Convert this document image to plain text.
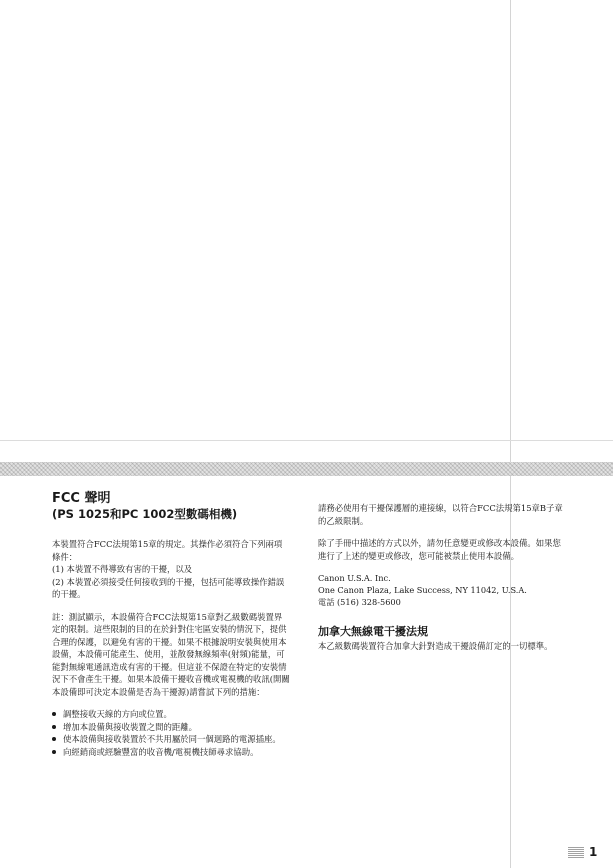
FCC 聲明
(PS 1025和PC 1002型數碼相機)

本裝置符合FCC法規第15章的規定。其操作必須符合下列兩項條件：

(1) 本裝置不得導致有害的干擾，以及

(2) 本裝置必須接受任何接收到的干擾，包括可能導致操作錯誤的干擾。

註：測試顯示，本設備符合FCC法規第15章對乙級數碼裝置界定的限制。這些限制的目的在於針對住宅區安裝的情況下，提供合理的保護，以避免有害的干擾。如果不根據說明安裝與使用本設備，本設備可能產生、使用，並散發無線頻率(射頻)能量，可能對無線電通訊造成有害的干擾。但這並不保證在特定的安裝情況下不會產生干擾。如果本設備干擾收音機或電視機的收訊(開關本設備即可決定本設備是否為干擾源)請嘗試下列的措施：

調整接收天線的方向或位置。
增加本設備與接收裝置之間的距離。
使本設備與接收裝置於不共用屬於同一個迴路的電源插座。
向經銷商或經驗豐富的收音機/電視機技師尋求協助。

請務必使用有干擾保護層的連接線，以符合FCC法規第15章B子章的乙級限制。

除了手冊中描述的方式以外，請勿任意變更或修改本設備。如果您進行了上述的變更或修改，您可能被禁止使用本設備。

Canon U.S.A. Inc.

One Canon Plaza, Lake Success, NY 11042, U.S.A.

電話 (516) 328-5600

加拿大無線電干擾法規

本乙級數碼裝置符合加拿大針對造成干擾設備訂定的一切標準。

1
